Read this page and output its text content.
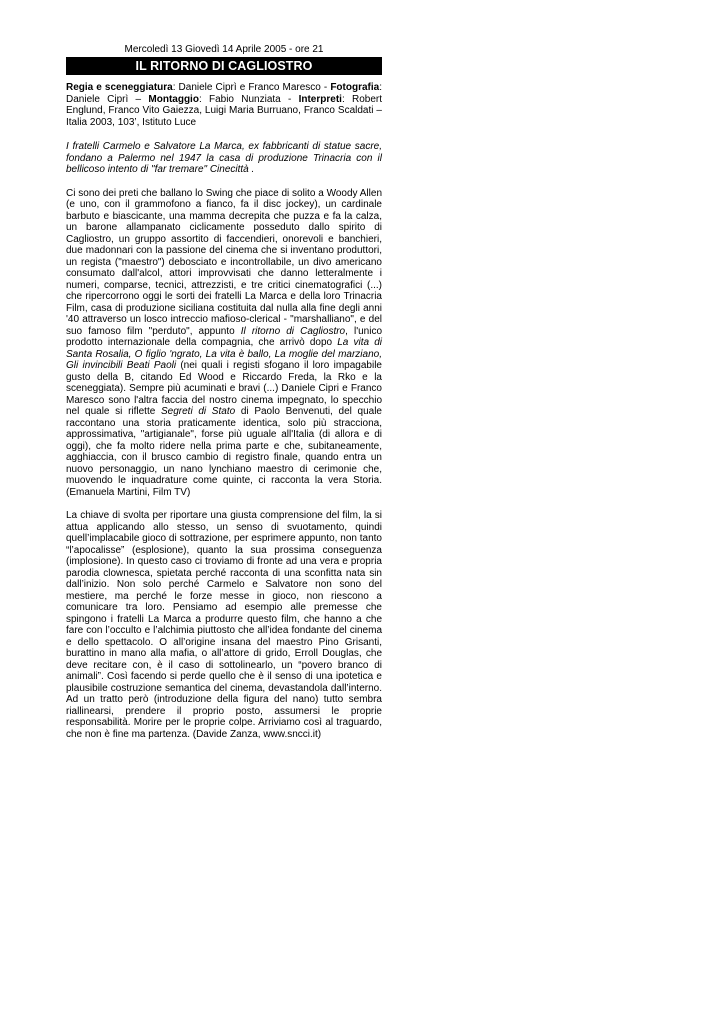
Mercoledì 13 Giovedì 14 Aprile 2005 - ore 21
IL RITORNO DI CAGLIOSTRO

Regia e sceneggiatura: Daniele Ciprì e Franco Maresco - Fotografia: Daniele Ciprì – Montaggio: Fabio Nunziata - Interpreti: Robert Englund, Franco Vito Gaiezza, Luigi Maria Burruano, Franco Scaldati – Italia 2003, 103’, Istituto Luce

I fratelli Carmelo e Salvatore La Marca, ex fabbricanti di statue sacre, fondano a Palermo nel 1947 la casa di produzione Trinacria con il bellicoso intento di "far tremare" Cinecittà .

Ci sono dei preti che ballano lo Swing che piace di solito a Woody Allen (e uno, con il grammofono a fianco, fa il disc jockey), un cardinale barbuto e biascicante, una mamma decrepita che puzza e fa la calza, un barone allampanato ciclicamente posseduto dallo spirito di Cagliostro, un gruppo assortito di faccendieri, onorevoli e banchieri, due madonnari con la passione del cinema che si inventano produttori, un regista ("maestro") debosciato e incontrollabile, un divo americano consumato dall'alcol, attori improvvisati che danno letteralmente i numeri, comparse, tecnici, attrezzisti, e tre critici cinematografici (...) che ripercorrono oggi le sorti dei fratelli La Marca e della loro Trinacria Film, casa di produzione siciliana costituita dal nulla alla fine degli anni '40 attraverso un losco intreccio mafioso-clerical - "marshalliano", e del suo famoso film "perduto", appunto Il ritorno di Cagliostro, l'unico prodotto internazionale della compagnia, che arrivò dopo La vita di Santa Rosalia, O figlio 'ngrato, La vita è ballo, La moglie del marziano, Gli invincibili Beati Paoli (nei quali i registi sfogano il loro impagabile gusto della B, citando Ed Wood e Riccardo Freda, la Rko e la sceneggiata). Sempre più acuminati e bravi (...) Daniele Cipri e Franco Maresco sono l'altra faccia del nostro cinema impegnato, lo specchio nel quale si riflette Segreti di Stato di Paolo Benvenuti, del quale raccontano una storia praticamente identica, solo più stracciona, approssimativa, "artigianale", forse più uguale all'Italia (di allora e di oggi), che fa molto ridere nella prima parte e che, subitaneamente, agghiaccia, con il brusco cambio di registro finale, quando entra un nuovo personaggio, un nano lynchiano maestro di cerimonie che, muovendo le inquadrature come quinte, ci racconta la vera Storia. (Emanuela Martini, Film TV)

La chiave di svolta per riportare una giusta comprensione del film, la si attua applicando allo stesso, un senso di svuotamento, quindi quell’implacabile gioco di sottrazione, per esprimere appunto, non tanto “l’apocalisse” (esplosione), quanto la sua prossima conseguenza (implosione). In questo caso ci troviamo di fronte ad una vera e propria parodia clownesca, spietata perché racconta di una sconfitta nata sin dall’inizio. Non solo perché Carmelo e Salvatore non sono del mestiere, ma perché le forze messe in gioco, non riescono a comunicare tra loro. Pensiamo ad esempio alle premesse che spingono i fratelli La Marca a produrre questo film, che hanno a che fare con l’occulto e l’alchimia piuttosto che all’idea fondante del cinema e dello spettacolo. O all’origine insana del maestro Pino Grisanti, burattino in mano alla mafia, o all’attore di grido, Erroll Douglas, che deve recitare con, è il caso di sottolinearlo, un “povero branco di animali”. Così facendo si perde quello che è il senso di una ipotetica e plausibile costruzione semantica del cinema, devastandola dall’interno. Ad un tratto però (introduzione della figura del nano) tutto sembra riallinearsi, prendere il proprio posto, assumersi le proprie responsabilità. Morire per le proprie colpe. Arriviamo così al traguardo, che non è fine ma partenza. (Davide Zanza, www.sncci.it)
